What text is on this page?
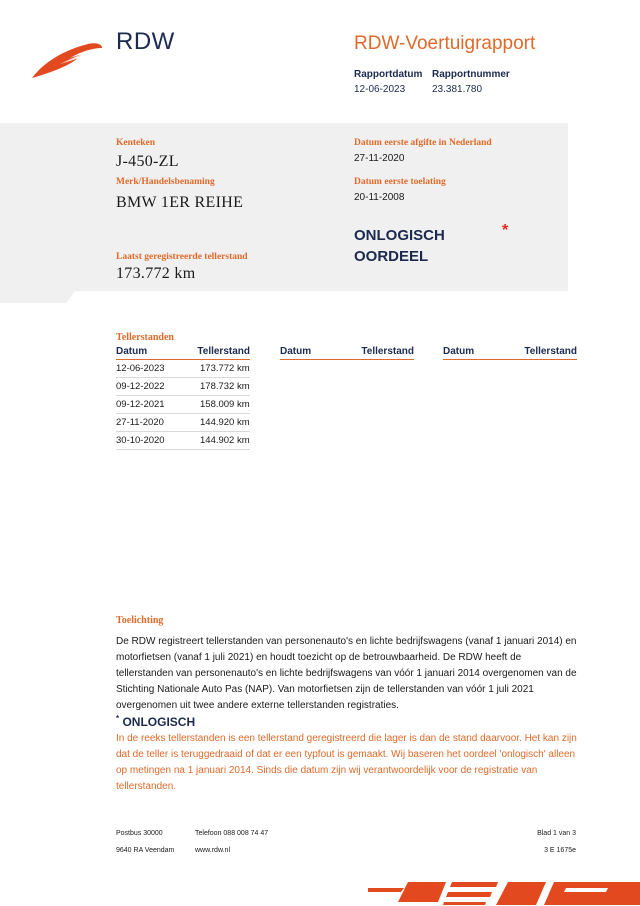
RDW	RDW-Voertuigrapport
Rapportdatum Rapportnummer
12-06-2023	23.381.780
Kenteken
J-450-ZL
Merk/Handelsbenaming
BMW 1ER REIHE
Datum eerste afgifte in Nederland
27-11-2020
Datum eerste toelating
20-11-2008
ONLOGISCH
OORDEEL
*
Laatst geregistreerde tellerstand
173.772 km
Tellerstanden
Datum	Tellerstand
12-06-2023	173.772 km
09-12-2022	178.732 km
09-12-2021	158.009 km
27-11-2020	144.920 km
30-10-2020	144.902 km
Datum	Tellerstand	Datum	Tellerstand
Toelichting
De RDW registreert tellerstanden van personenauto's en lichte bedrijfswagens (vanaf 1 januari 2014) en motorfietsen (vanaf 1 juli 2021) en houdt toezicht op de betrouwbaarheid. De RDW heeft de tellerstanden van personenauto's en lichte bedrijfswagens van vóór 1 januari 2014 overgenomen van de Stichting Nationale Auto Pas (NAP). Van motorfietsen zijn de tellerstanden van vóór 1 juli 2021 overgenomen uit twee andere externe tellerstanden registraties.
* ONLOGISCH
In de reeks tellerstanden is een tellerstand geregistreerd die lager is dan de stand daarvoor. Het kan zijn dat de teller is teruggedraaid of dat er een typfout is gemaakt. Wij baseren het oordeel 'onlogisch' alleen op metingen na 1 januari 2014. Sinds die datum zijn wij verantwoordelijk voor de registratie van tellerstanden.
Postbus 30000
9640 RA Veendam
Telefoon 088 008 74 47
www.rdw.nl
Blad 1 van 3
3 E 1675e
